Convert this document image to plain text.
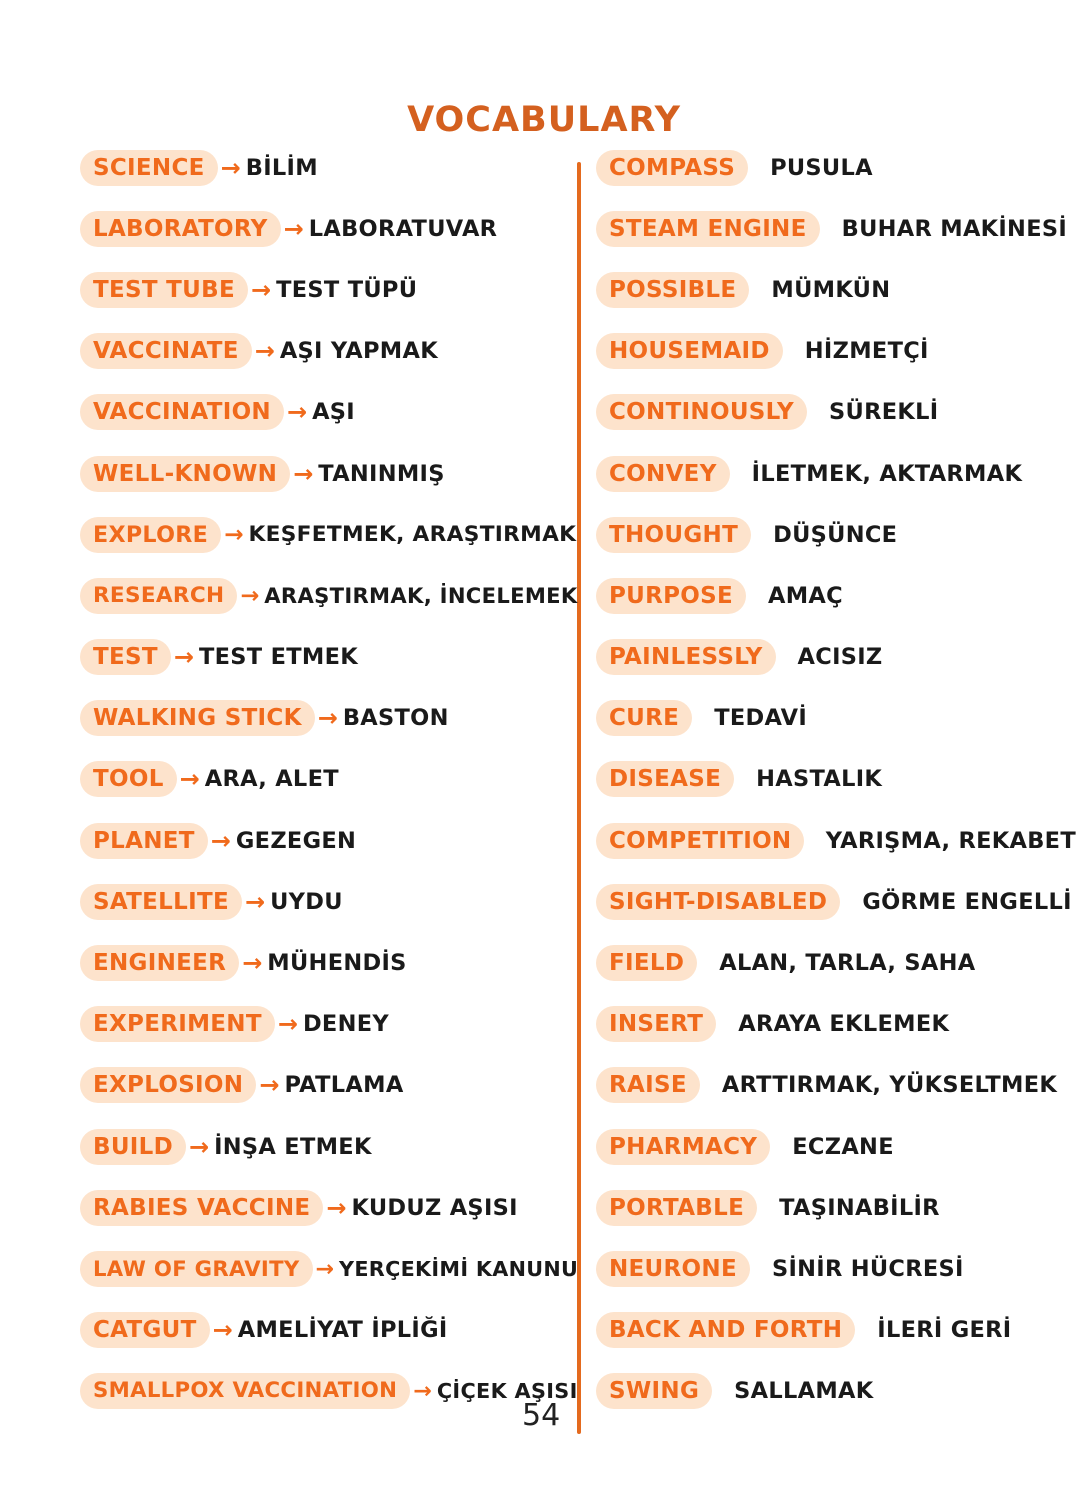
VOCABULARY
SCIENCE → BİLİM
LABORATORY → LABORATUVAR
TEST TUBE → TEST TÜPÜ
VACCINATE → AŞI YAPMAK
VACCINATION → AŞI
WELL-KNOWN → TANINMIŞ
EXPLORE → KEŞFETMEK, ARAŞTIRMAK
RESEARCH → ARAŞTIRMAK, İNCELEMEK
TEST → TEST ETMEK
WALKING STICK → BASTON
TOOL → ARA, ALET
PLANET → GEZEGEN
SATELLITE → UYDU
ENGINEER → MÜHENDİS
EXPERIMENT → DENEY
EXPLOSION → PATLAMA
BUILD → İNŞA ETMEK
RABIES VACCINE → KUDUZ AŞISI
LAW OF GRAVITY → YERÇEKİMİ KANUNU
CATGUT → AMELİYAT İPLİĞİ
SMALLPOX VACCINATION → ÇİÇEK AŞISI
COMPASS	PUSULA
STEAM ENGINE	BUHAR MAKİNESİ
POSSIBLE	MÜMKÜN
HOUSEMAID	HİZMETÇİ
CONTINOUSLY	SÜREKLİ
CONVEY	İLETMEK, AKTARMAK
THOUGHT	DÜŞÜNCE
PURPOSE	AMAÇ
PAINLESSLY	ACISIZ
CURE	TEDAVİ
DISEASE	HASTALIK
COMPETITION	YARIŞMA, REKABET
SIGHT-DISABLED	GÖRME ENGELLİ
FIELD	ALAN, TARLA, SAHA
INSERT	ARAYA EKLEMEK
RAISE	ARTTIRMAK, YÜKSELTMEK
PHARMACY	ECZANE
PORTABLE	TAŞINABİLİR
NEURONE	SİNİR HÜCRESİ
BACK AND FORTH	İLERİ GERİ
SWING	SALLAMAK
54
